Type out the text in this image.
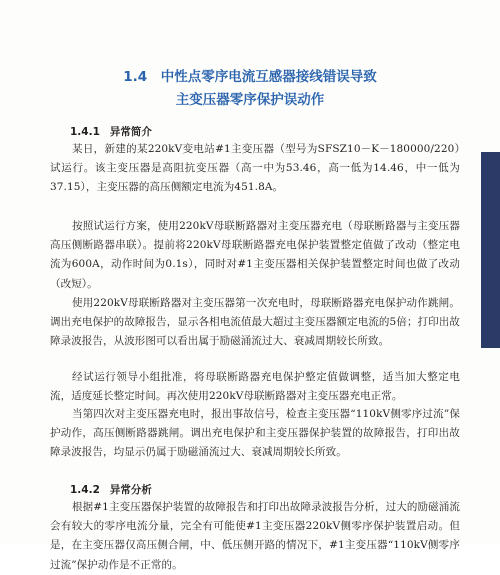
1.4　中性点零序电流互感器接线错误导致
主变压器零序保护误动作
1.4.1 异常简介

某日，新建的某220kV变电站#1主变压器（型号为SFSZ10－K－180000/220）试运行。该主变压器是高阻抗变压器（高一中为53.46，高一低为14.46，中一低为37.15），主变压器的高压侧额定电流为451.8A。

按照试运行方案，使用220kV母联断路器对主变压器充电（母联断路器与主变压器高压侧断路器串联）。提前将220kV母联断路器充电保护装置整定值做了改动（整定电流为600A，动作时间为0.1s），同时对#1主变压器相关保护装置整定时间也做了改动（改短）。

使用220kV母联断路器对主变压器第一次充电时，母联断路器充电保护动作跳闸。调出充电保护的故障报告，显示各相电流值最大超过主变压器额定电流的5倍；打印出故障录波报告，从波形图可以看出属于励磁涌流过大、衰减周期较长所致。

经试运行领导小组批准，将母联断路器充电保护整定值做调整，适当加大整定电流，适度延长整定时间。再次使用220kV母联断路器对主变压器充电正常。

当第四次对主变压器充电时，报出事故信号，检查主变压器“110kV侧零序过流”保护动作，高压侧断路器跳闸。调出充电保护和主变压器保护装置的故障报告，打印出故障录波报告，均显示仍属于励磁涌流过大、衰减周期较长所致。

1.4.2 异常分析

根据#1主变压器保护装置的故障报告和打印出故障录波报告分析，过大的励磁涌流会有较大的零序电流分量，完全有可能使#1主变压器220kV侧零序保护装置启动。但是，在主变压器仅高压侧合闸，中、低压侧开路的情况下，#1主变压器“110kV侧零序过流”保护动作是不正常的。
